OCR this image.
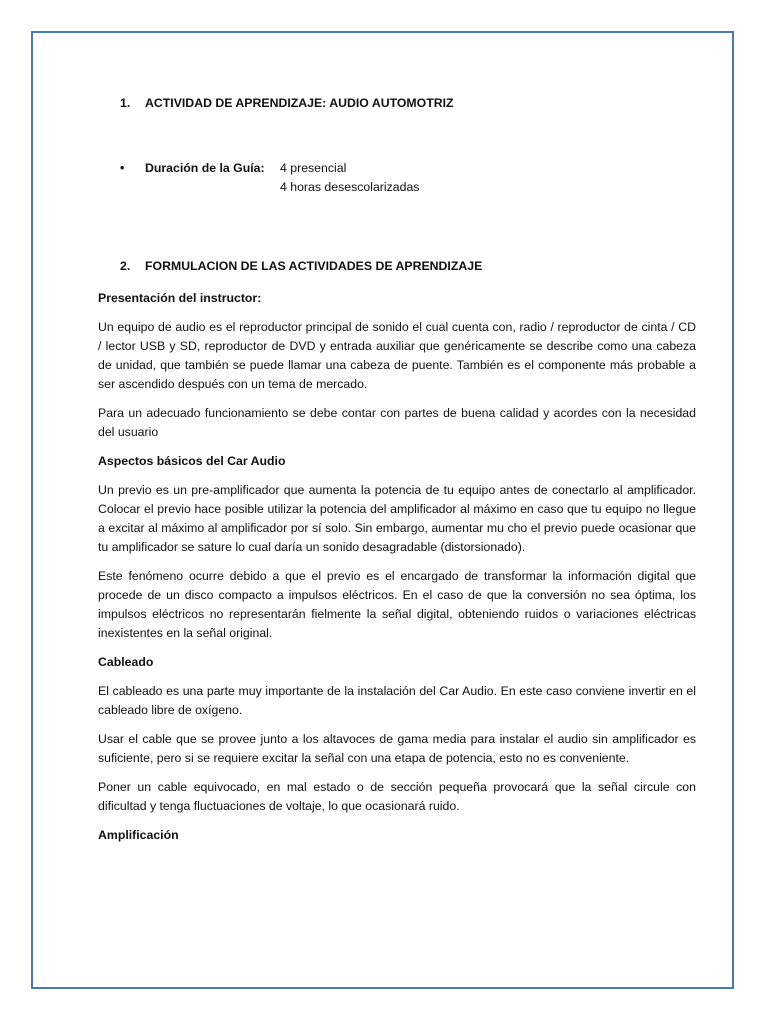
1.	ACTIVIDAD DE APRENDIZAJE: AUDIO AUTOMOTRIZ
•	Duración de la Guía:	4 presencial
4 horas desescolarizadas
2.	FORMULACION DE LAS ACTIVIDADES DE APRENDIZAJE

Presentación del instructor:

Un equipo de audio es el reproductor principal de sonido el cual cuenta con, radio / reproductor de cinta / CD / lector USB y SD, reproductor de DVD y entrada auxiliar que genéricamente se describe como una cabeza de unidad, que también se puede llamar una cabeza de puente. También es el componente más probable a ser ascendido después con un tema de mercado.

Para un adecuado funcionamiento se debe contar con partes de buena calidad y acordes con la necesidad del usuario

Aspectos básicos del Car Audio

Un previo es un pre-amplificador que aumenta la potencia de tu equipo antes de conectarlo al amplificador. Colocar el previo hace posible utilizar la potencia del amplificador al máximo en caso que tu equipo no llegue a excitar al máximo al amplificador por sí solo. Sin embargo, aumentar mu cho el previo puede ocasionar que tu amplificador se sature lo cual daría un sonido desagradable (distorsionado).

Este fenómeno ocurre debido a que el previo es el encargado de transformar la información digital que procede de un disco compacto a impulsos eléctricos. En el caso de que la conversión no sea óptima, los impulsos eléctricos no representarán fielmente la señal digital, obteniendo ruidos o variaciones eléctricas inexistentes en la señal original.

Cableado

El cableado es una parte muy importante de la instalación del Car Audio. En este caso conviene invertir en el cableado libre de oxígeno.

Usar el cable que se provee junto a los altavoces de gama media para instalar el audio sin amplificador es suficiente, pero si se requiere excitar la señal con una etapa de potencia, esto no es conveniente.

Poner un cable equivocado, en mal estado o de sección pequeña provocará que la señal circule con dificultad y tenga fluctuaciones de voltaje, lo que ocasionará ruido.

Amplificación
